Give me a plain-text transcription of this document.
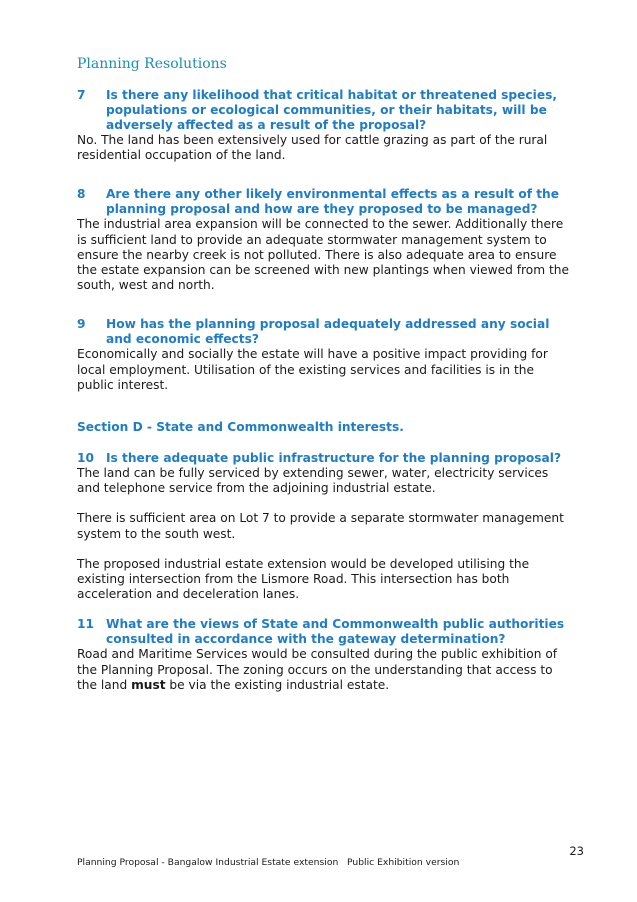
Planning Resolutions
7	Is there any likelihood that critical habitat or threatened species, populations or ecological communities, or their habitats, will be adversely affected as a result of the proposal?

No. The land has been extensively used for cattle grazing as part of the rural residential occupation of the land.

8	Are there any other likely environmental effects as a result of the planning proposal and how are they proposed to be managed?

The industrial area expansion will be connected to the sewer. Additionally there is sufficient land to provide an adequate stormwater management system to ensure the nearby creek is not polluted. There is also adequate area to ensure the estate expansion can be screened with new plantings when viewed from the south, west and north.

9	How has the planning proposal adequately addressed any social and economic effects?

Economically and socially the estate will have a positive impact providing for local employment. Utilisation of the existing services and facilities is in the public interest.

Section D - State and Commonwealth interests.
10 Is there adequate public infrastructure for the planning proposal?

The land can be fully serviced by extending sewer, water, electricity services and telephone service from the adjoining industrial estate.

There is sufficient area on Lot 7 to provide a separate stormwater management system to the south west.

The proposed industrial estate extension would be developed utilising the existing intersection from the Lismore Road. This intersection has both acceleration and deceleration lanes.

11 What are the views of State and Commonwealth public authorities consulted in accordance with the gateway determination?

Road and Maritime Services would be consulted during the public exhibition of the Planning Proposal. The zoning occurs on the understanding that access to the land must be via the existing industrial estate.

23
Planning Proposal - Bangalow Industrial Estate extension Public Exhibition version
